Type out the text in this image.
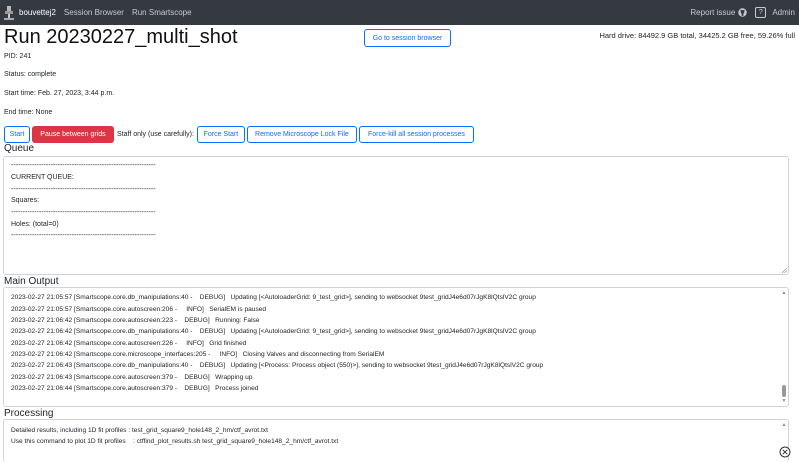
bouvettej2 Session Browser Run Smartscope	Report issue	?	Admin
Run 20230227_multi_shot	Go to session browser	Hard drive: 84492.9 GB total, 34425.2 GB free, 59.26% full
PID: 241
Status: complete
Start time: Feb. 27, 2023, 3:44 p.m.
End time: None
Start	Pause between grids	Staff only (use carefully):	Force Start	Remove Microscope Lock File	Force-kill all session processes
Queue
--------------------------------------------------------------
CURRENT QUEUE:
--------------------------------------------------------------
Squares:
--------------------------------------------------------------
Holes: (total=0)
--------------------------------------------------------------
Main Output
2023-02-27 21:05:57 [Smartscope.core.db_manipulations:40 -    DEBUG]   Updating [<AutoloaderGrid: 9_test_grid>], sending to websocket 9test_gridJ4e6d07rJgK8lQtslV2C group
2023-02-27 21:05:57 [Smartscope.core.autoscreen:206 -     INFO]   SerialEM is paused
2023-02-27 21:06:42 [Smartscope.core.autoscreen:223 -    DEBUG]   Running: False
2023-02-27 21:06:42 [Smartscope.core.db_manipulations:40 -    DEBUG]   Updating [<AutoloaderGrid: 9_test_grid>], sending to websocket 9test_gridJ4e6d07rJgK8lQtslV2C group
2023-02-27 21:06:42 [Smartscope.core.autoscreen:226 -     INFO]   Grid finished
2023-02-27 21:06:42 [Smartscope.core.microscope_interfaces:205 -     INFO]   Closing Valves and disconnecting from SerialEM
2023-02-27 21:06:43 [Smartscope.core.db_manipulations:40 -    DEBUG]   Updating [<Process: Process object (550)>], sending to websocket 9test_gridJ4e6d07rJgK8lQtslV2C group
2023-02-27 21:06:43 [Smartscope.core.autoscreen:379 -    DEBUG]   Wrapping up
2023-02-27 21:06:44 [Smartscope.core.autoscreen:379 -    DEBUG]   Process joined
▲
▼
Processing
Detailed results, including 1D fit profiles : test_grid_square9_hole148_2_hm/ctf_avrot.txt
Use this command to plot 1D fit profiles    : ctffind_plot_results.sh test_grid_square9_hole148_2_hm/ctf_avrot.txt
▲
